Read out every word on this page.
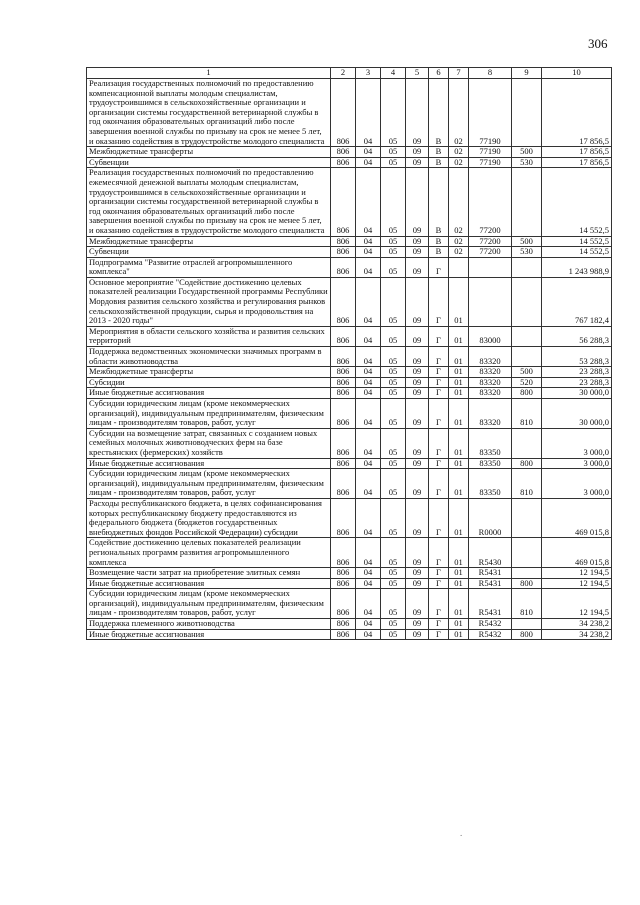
306
1	2	3	4	5	6	7	8	9	10
Реализация государственных полномочий по предоставлению компенсационной выплаты молодым специалистам, трудоустроившимся в сельскохозяйственные организации и организации системы государственной ветеринарной службы в год окончания образовательных организаций либо после завершения военной службы по призыву на срок не менее 5 лет, и оказанию содействия в трудоустройстве молодого специалиста	806	04	05	09	В	02	77190		17 856,5
Межбюджетные трансферты	806	04	05	09	В	02	77190	500	17 856,5
Субвенции	806	04	05	09	В	02	77190	530	17 856,5
Реализация государственных полномочий по предоставлению ежемесячной денежной выплаты молодым специалистам, трудоустроившимся в сельскохозяйственные организации и организации системы государственной ветеринарной службы в год окончания образовательных организаций либо после завершения военной службы по призыву на срок не менее 5 лет, и оказанию содействия в трудоустройстве молодого специалиста	806	04	05	09	В	02	77200		14 552,5
Межбюджетные трансферты	806	04	05	09	В	02	77200	500	14 552,5
Субвенции	806	04	05	09	В	02	77200	530	14 552,5
Подпрограмма "Развитие отраслей агропромышленного комплекса"	806	04	05	09	Г				1 243 988,9
Основное мероприятие "Содействие достижению целевых показателей реализации Государственной программы Республики Мордовия развития сельского хозяйства и регулирования рынков сельскохозяйственной продукции, сырья и продовольствия на 2013 - 2020 годы"	806	04	05	09	Г	01			767 182,4
Мероприятия в области сельского хозяйства и развития сельских территорий	806	04	05	09	Г	01	83000		56 288,3
Поддержка ведомственных экономически значимых программ в области животноводства	806	04	05	09	Г	01	83320		53 288,3
Межбюджетные трансферты	806	04	05	09	Г	01	83320	500	23 288,3
Субсидии	806	04	05	09	Г	01	83320	520	23 288,3
Иные бюджетные ассигнования	806	04	05	09	Г	01	83320	800	30 000,0
Субсидии юридическим лицам (кроме некоммерческих организаций), индивидуальным предпринимателям, физическим лицам - производителям товаров, работ, услуг	806	04	05	09	Г	01	83320	810	30 000,0
Субсидии на возмещение затрат, связанных с созданием новых семейных молочных животноводческих ферм на базе крестьянских (фермерских) хозяйств	806	04	05	09	Г	01	83350		3 000,0
Иные бюджетные ассигнования	806	04	05	09	Г	01	83350	800	3 000,0
Субсидии юридическим лицам (кроме некоммерческих организаций), индивидуальным предпринимателям, физическим лицам - производителям товаров, работ, услуг	806	04	05	09	Г	01	83350	810	3 000,0
Расходы республиканского бюджета, в целях софинансирования которых республиканскому бюджету предоставляются из федерального бюджета (бюджетов государственных внебюджетных фондов Российской Федерации) субсидии	806	04	05	09	Г	01	R0000		469 015,8
Содействие достижению целевых показателей реализации региональных программ развития агропромышленного комплекса	806	04	05	09	Г	01	R5430		469 015,8
Возмещение части затрат на приобретение элитных семян	806	04	05	09	Г	01	R5431		12 194,5
Иные бюджетные ассигнования	806	04	05	09	Г	01	R5431	800	12 194,5
Субсидии юридическим лицам (кроме некоммерческих организаций), индивидуальным предпринимателям, физическим лицам - производителям товаров, работ, услуг	806	04	05	09	Г	01	R5431	810	12 194,5
Поддержка племенного животноводства	806	04	05	09	Г	01	R5432		34 238,2
Иные бюджетные ассигнования	806	04	05	09	Г	01	R5432	800	34 238,2
.
